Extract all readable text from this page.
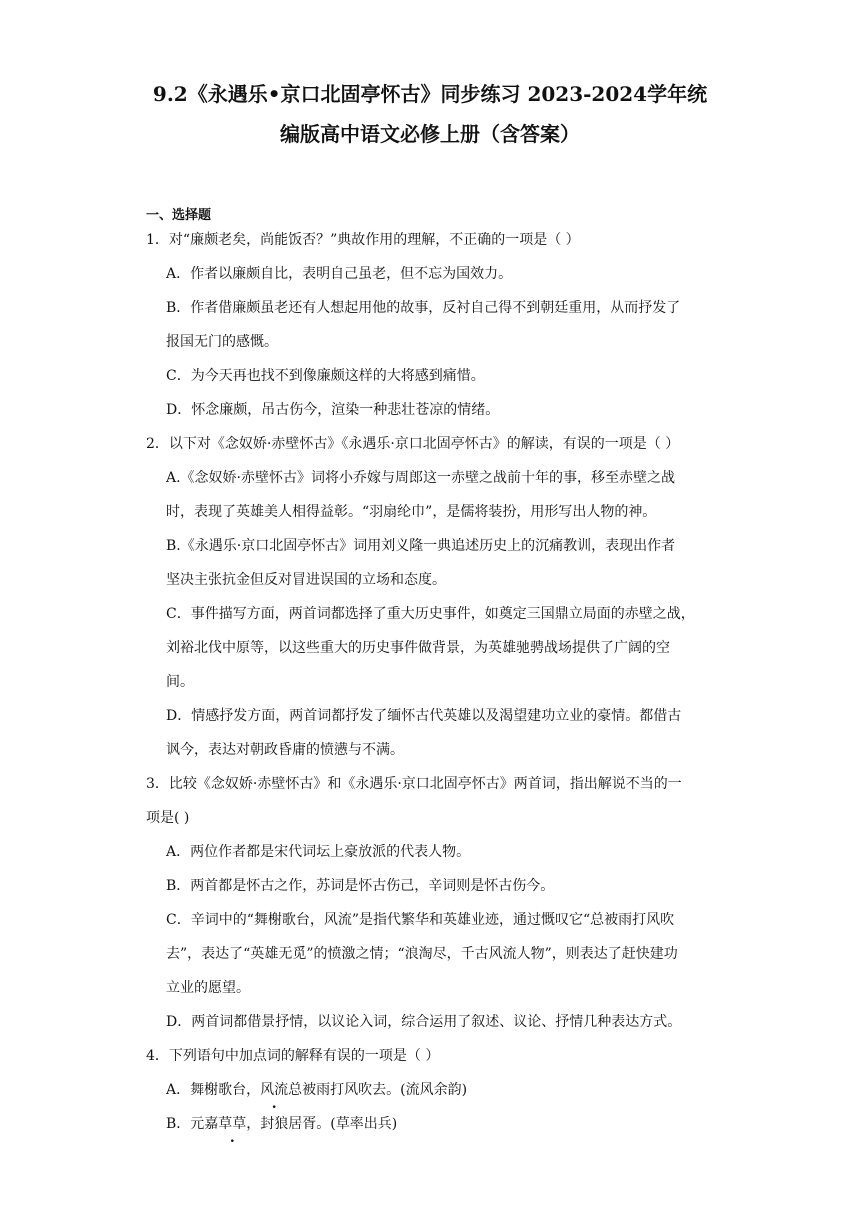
9.2《永遇乐•京口北固亭怀古》同步练习 2023-2024学年统
编版高中语文必修上册（含答案）
一、选择题
1．对“廉颇老矣，尚能饭否？”典故作用的理解，不正确的一项是（ ）
A．作者以廉颇自比，表明自己虽老，但不忘为国效力。
B．作者借廉颇虽老还有人想起用他的故事，反衬自己得不到朝廷重用，从而抒发了
报国无门的感慨。
C．为今天再也找不到像廉颇这样的大将感到痛惜。
D．怀念廉颇，吊古伤今，渲染一种悲壮苍凉的情绪。
2．以下对《念奴娇·赤壁怀古》《永遇乐·京口北固亭怀古》的解读，有误的一项是（ ）
A.《念奴娇·赤壁怀古》词将小乔嫁与周郎这一赤壁之战前十年的事，移至赤壁之战
时，表现了英雄美人相得益彰。“羽扇纶巾”，是儒将装扮，用形写出人物的神。
B.《永遇乐·京口北固亭怀古》词用刘义隆一典追述历史上的沉痛教训，表现出作者
坚决主张抗金但反对冒进误国的立场和态度。
C．事件描写方面，两首词都选择了重大历史事件，如奠定三国鼎立局面的赤壁之战，
刘裕北伐中原等，以这些重大的历史事件做背景，为英雄驰骋战场提供了广阔的空
间。
D．情感抒发方面，两首词都抒发了缅怀古代英雄以及渴望建功立业的豪情。都借古
讽今，表达对朝政昏庸的愤懑与不满。
3．比较《念奴娇·赤壁怀古》和《永遇乐·京口北固亭怀古》两首词，指出解说不当的一
项是( )
A．两位作者都是宋代词坛上豪放派的代表人物。
B．两首都是怀古之作，苏词是怀古伤己，辛词则是怀古伤今。
C．辛词中的“舞榭歌台，风流”是指代繁华和英雄业迹，通过慨叹它“总被雨打风吹
去”，表达了“英雄无觅”的愤激之情；“浪淘尽，千古风流人物”，则表达了赶快建功
立业的愿望。
D．两首词都借景抒情，以议论入词，综合运用了叙述、议论、抒情几种表达方式。
4．下列语句中加点词的解释有误的一项是（ ）
A．舞榭歌台，风流总被雨打风吹去。(流风余韵)
B．元嘉草草，封狼居胥。(草率出兵)
